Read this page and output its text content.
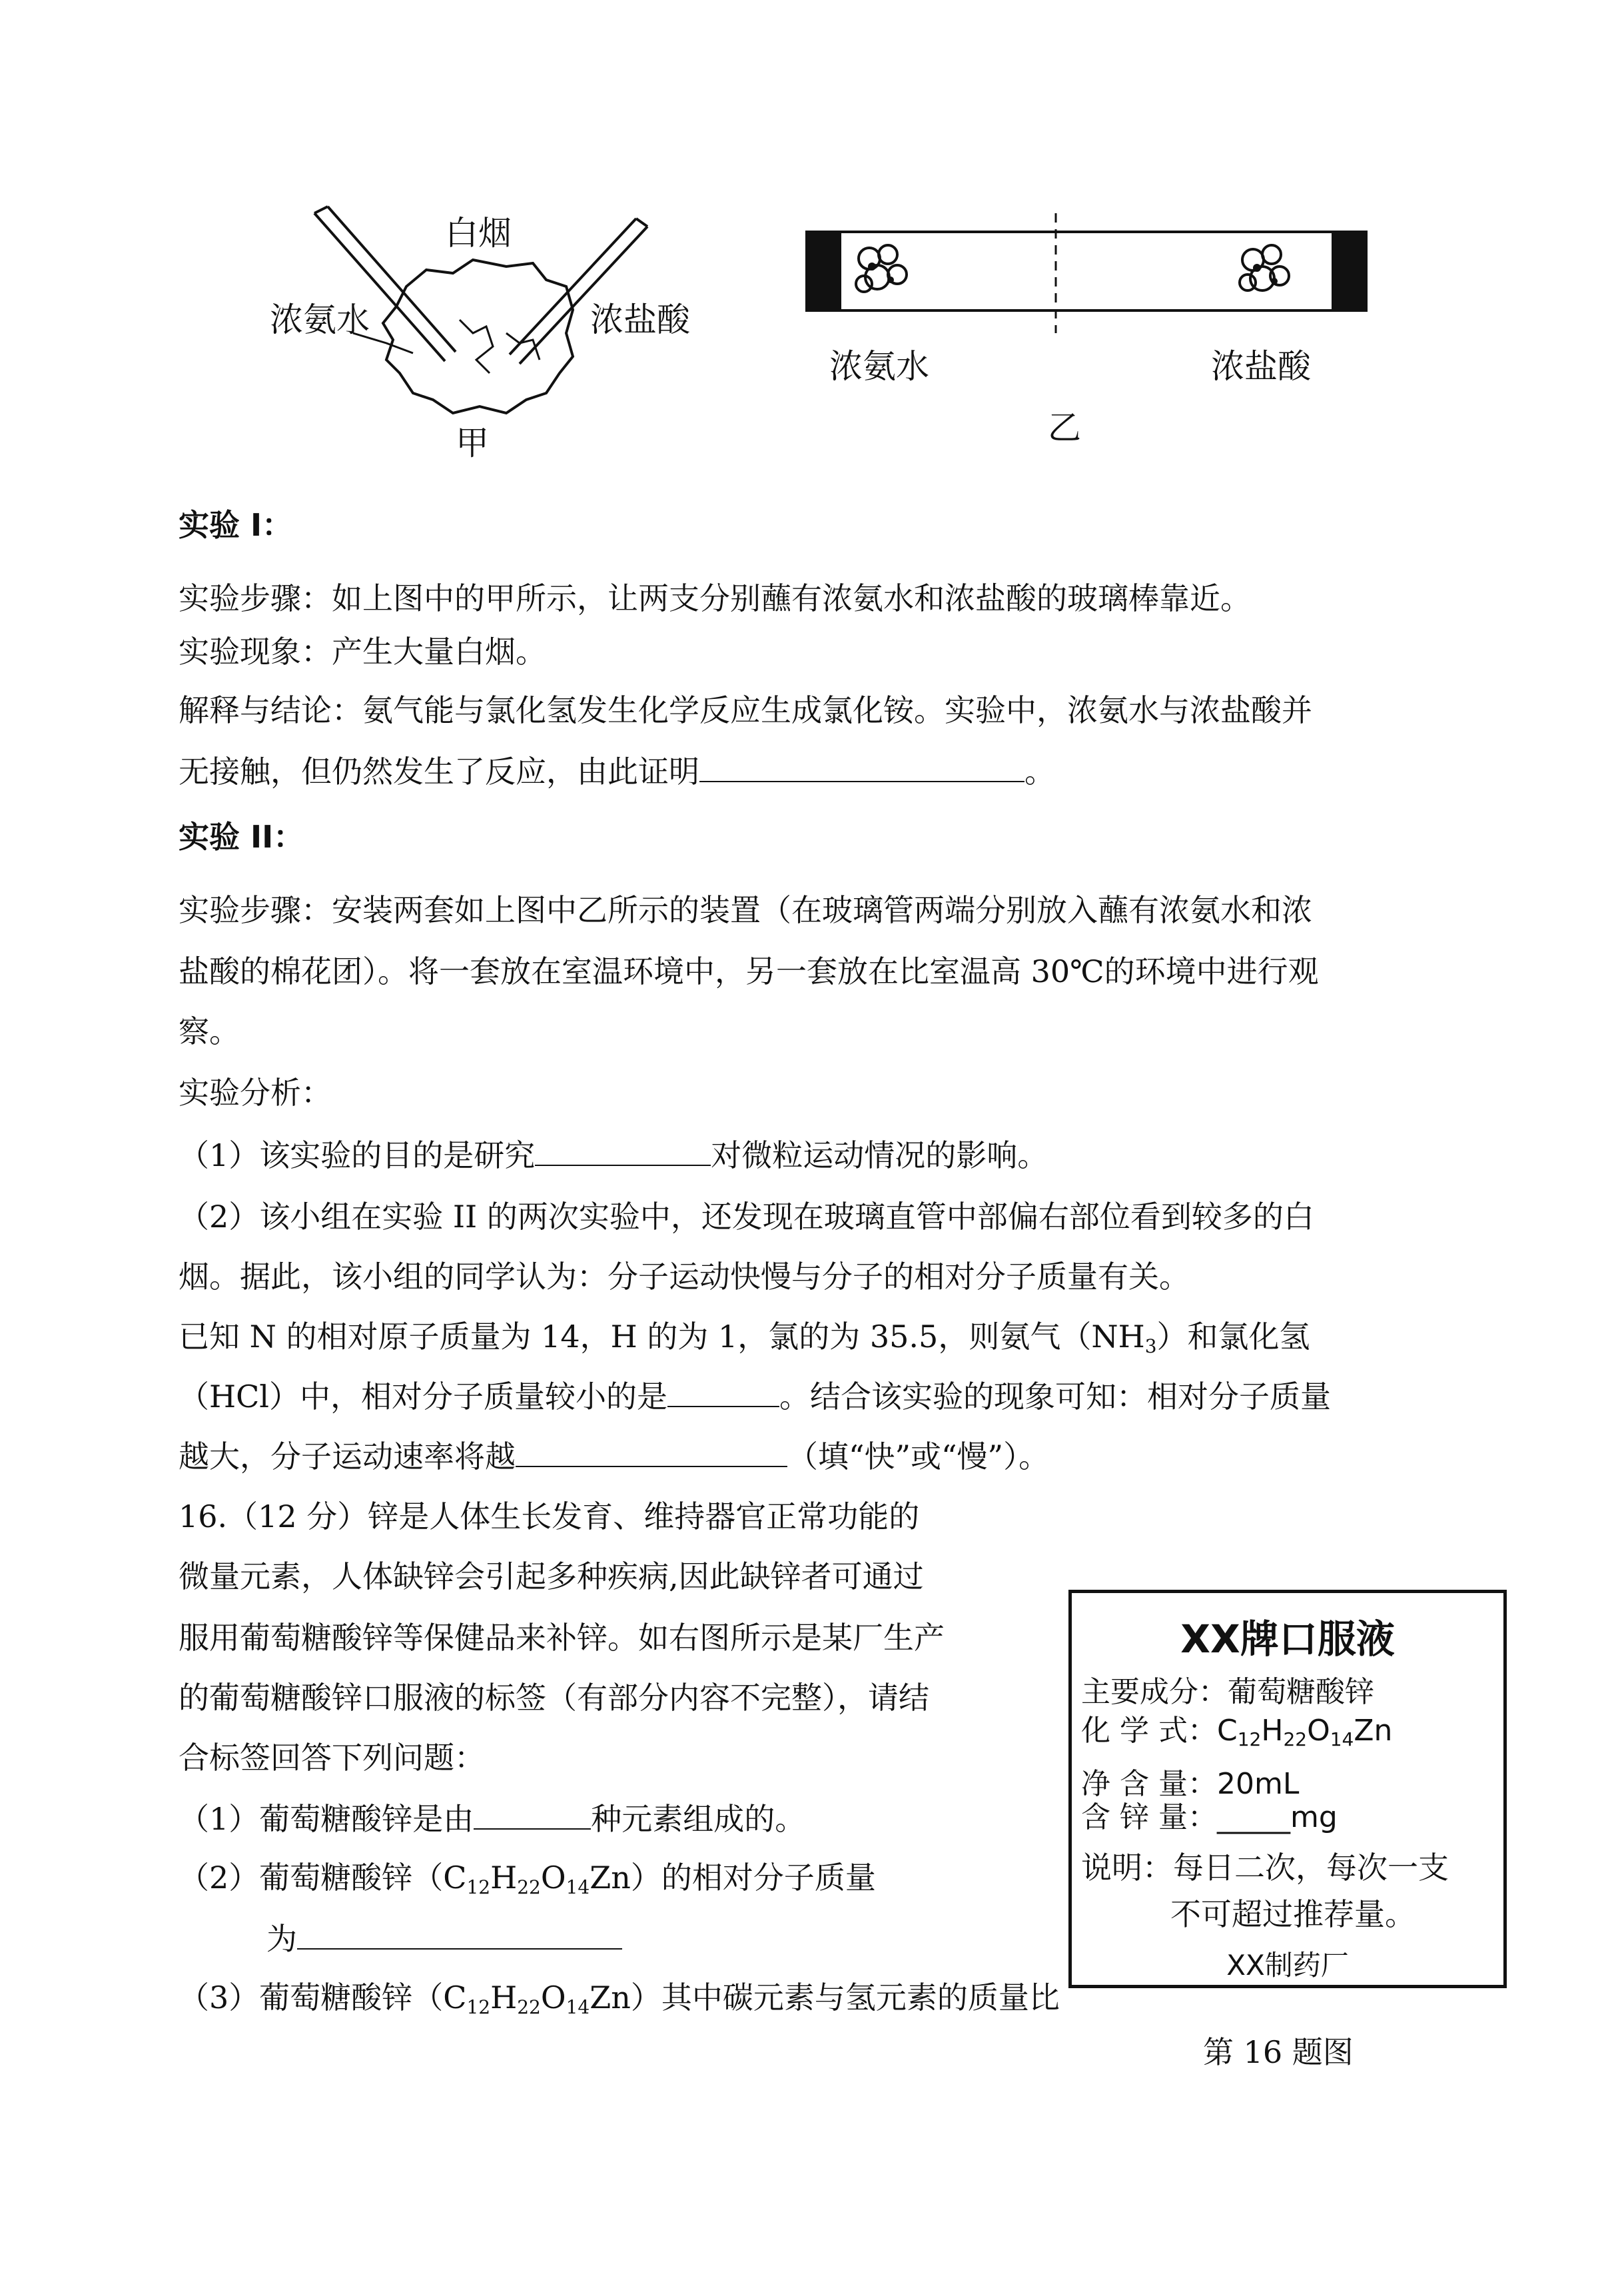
白烟
浓氨水	浓盐酸
甲
浓氨水	浓盐酸
乙
实验 I：
实验步骤：如上图中的甲所示，让两支分别蘸有浓氨水和浓盐酸的玻璃棒靠近。
实验现象：产生大量白烟。
解释与结论：氨气能与氯化氢发生化学反应生成氯化铵。实验中，浓氨水与浓盐酸并
无接触，但仍然发生了反应，由此证明	。
实验 II：
实验步骤：安装两套如上图中乙所示的装置（在玻璃管两端分别放入蘸有浓氨水和浓
盐酸的棉花团）。将一套放在室温环境中，另一套放在比室温高 30℃的环境中进行观
察。
实验分析：
（1）该实验的目的是研究	对微粒运动情况的影响。
（2）该小组在实验 II 的两次实验中，还发现在玻璃直管中部偏右部位看到较多的白
烟。据此，该小组的同学认为：分子运动快慢与分子的相对分子质量有关。
已知 N 的相对原子质量为 14，H 的为 1，氯的为 35.5，则氨气$(NH_3)$和氯化氢
（HCl）中，相对分子质量较小的是	。结合该实验的现象可知：相对分子质量
越大，分子运动速率将越	（填“快”或“慢”）。
16.（12 分）锌是人体生长发育、维持器官正常功能的
微量元素，人体缺锌会引起多种疾病,因此缺锌者可通过
服用葡萄糖酸锌等保健品来补锌。如右图所示是某厂生产
的葡萄糖酸锌口服液的标签（有部分内容不完整），请结
合标签回答下列问题：
（1）葡萄糖酸锌是由	种元素组成的。
（2）葡萄糖酸锌$(C_{12}H_{22}O_{14}Zn)$的相对分子质量
为
（3）葡萄糖酸锌$(C_{12}H_{22}O_{14}Zn)$其中碳元素与氢元素的质量比
XX牌口服液
主要成分：葡萄糖酸锌
化 学 式：$C_{12}H_{22}O_{14}Zn$
净 含 量：20mL
含 锌 量：_____mg
说明：每日二次，每次一支
不可超过推荐量。
XX制药厂
第 16 题图
